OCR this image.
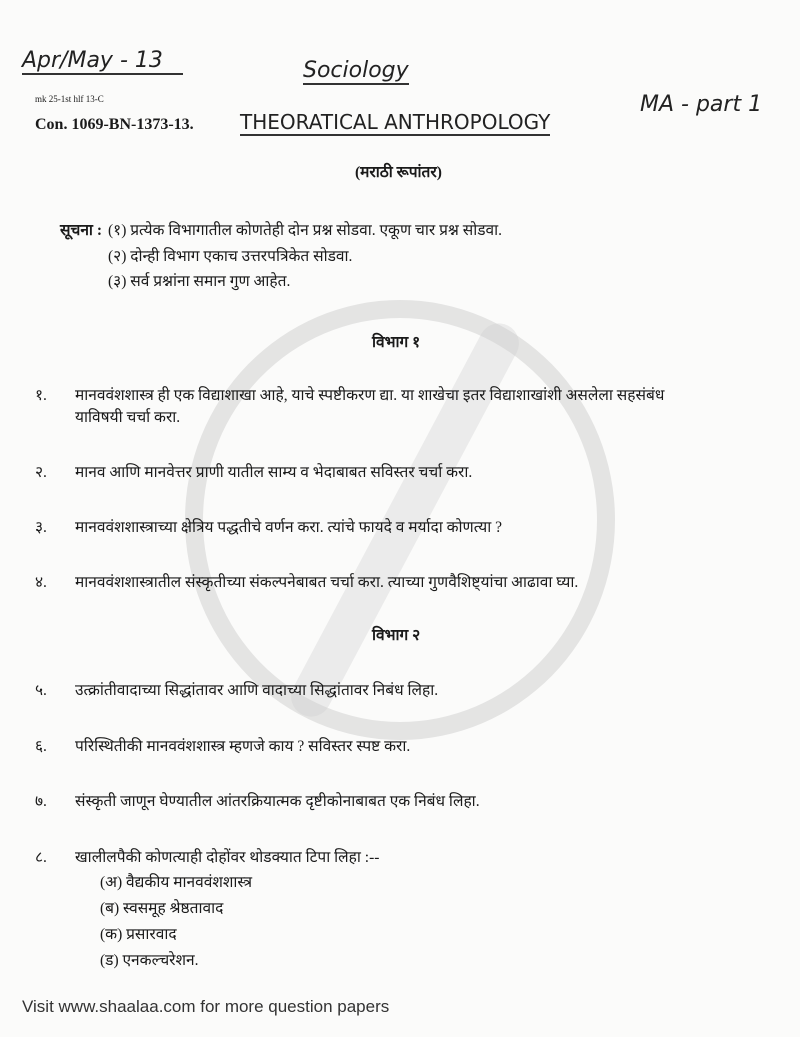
Apr/May - 13	Sociology
mk 25-1st hlf 13-C
Con. 1069-BN-1373-13. THEORATICAL ANTHROPOLOGY
MA - part 1
(मराठी रूपांतर)
सूचना : (१) प्रत्येक विभागातील कोणतेही दोन प्रश्न सोडवा. एकूण चार प्रश्न सोडवा.
(२) दोन्ही विभाग एकाच उत्तरपत्रिकेत सोडवा.
(३) सर्व प्रश्नांना समान गुण आहेत.
विभाग १
१. मानववंशशास्त्र ही एक विद्याशाखा आहे, याचे स्पष्टीकरण द्या. या शाखेचा इतर विद्याशाखांशी असलेला सहसंबंध
याविषयी चर्चा करा.
२. मानव आणि मानवेत्तर प्राणी यातील साम्य व भेदाबाबत सविस्तर चर्चा करा.
३. मानववंशशास्त्राच्या क्षेत्रिय पद्धतीचे वर्णन करा. त्यांचे फायदे व मर्यादा कोणत्या ?
४. मानववंशशास्त्रातील संस्कृतीच्या संकल्पनेबाबत चर्चा करा. त्याच्या गुणवैशिष्ट्यांचा आढावा घ्या.
विभाग २
५. उत्क्रांतीवादाच्या सिद्धांतावर आणि वादाच्या सिद्धांतावर निबंध लिहा.
६. परिस्थितीकी मानववंशशास्त्र म्हणजे काय ? सविस्तर स्पष्ट करा.
७. संस्कृती जाणून घेण्यातील आंतरक्रियात्मक दृष्टीकोनाबाबत एक निबंध लिहा.
८. खालीलपैकी कोणत्याही दोहोंवर थोडक्यात टिपा लिहा :--
(अ) वैद्यकीय मानववंशशास्त्र
(ब) स्वसमूह श्रेष्ठतावाद
(क) प्रसारवाद
(ड) एनकल्चरेशन.
Visit www.shaalaa.com for more question papers
